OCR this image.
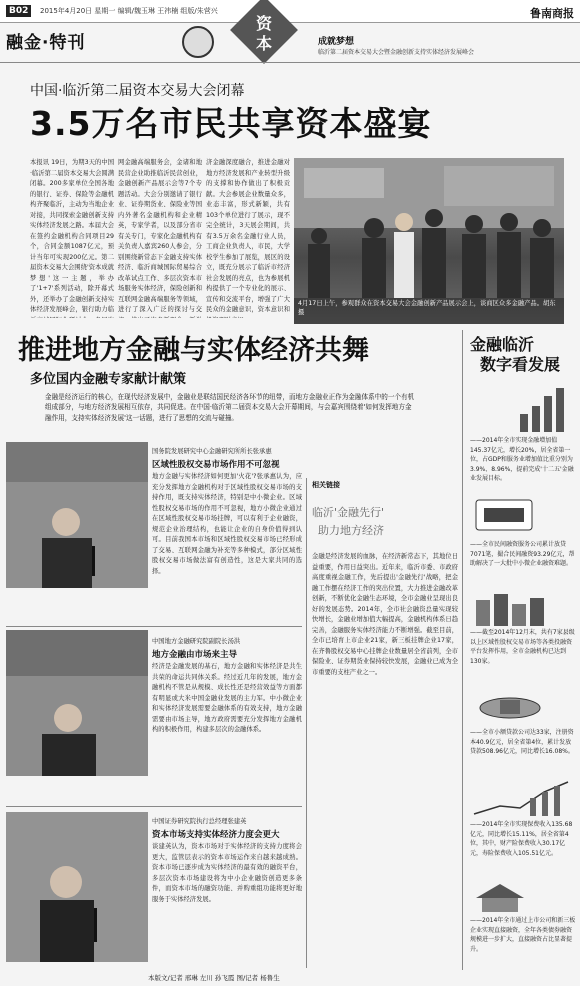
B02	2015年4月20日 星期一 编辑/魏玉琳 王祎楠 组版/朱营兴	鲁南商报
融金·特刊
资
本	成就梦想
临沂第二届资本交易大会暨金融创新支持实体经济发展峰会
中国·临沂第二届资本交易大会闭幕
3.5万名市民共享资本盛宴
本报讯 19日，为期3天的中国·临沂第二届资本交易大会圆满闭幕。200多家单位全国各地的银行、证券、保险等金融机构齐聚临沂，主动为当地企业对接，共同探索金融创新支持实体经济发展之路。本届大会在签约金融机构合同项目29个，合同金额1087亿元，预计当年可实现200亿元。第二届资本交易大会围绕'资本成就梦想'这一主题，举办了'1+7'系列活动，除开幕式外，还举办了金融创新支持实体经济发展峰会，银行助力临
网金融高端服务会，金诸和地民营企业助推临沂民营创业，金融创新产品展示会等7个专题活动。大会分别邀请了银行业、证券期货业、保险业等国内外著名金融机构和企业精英，专家学者，以及部分省市有关专门，专家化金融机构有关负责人嘉宾260人参会，分别围绕新常态下金融支持实体经济、临沂商城国际贸易综合改革试点工作、多层次资本市场服务实体经济，保险创新和互联网金融高端服务等领域，进行了深入广泛的探讨与交
济金融深度融合，推进金融对地方经济发展和产业转型升级的支撑和协作做出了积极贡献。大会参展企业数量众多，业态丰富，形式新颖，共有103个单位进行了展示，现不完全统计，3天展会期间，共有3.5万余名金融行业人员，工商企业负责人，市民，大学校学生参加了展览，展区的设立，既充分展示了临沂市经济社会发展的亮点，也为参展机构提供了一个专业化的展示、宣传和交流平台，增强了广大民众的金融意识，资本意识和
4月17日上午，参观群众在资本交易大会金融创新产品展示会上，谈商区众多金融产品。胡东 摄
推进地方金融与实体经济共舞
多位国内金融专家献计献策
金融是经济运行的核心，在现代经济发展中，金融业是联结国民经济各环节的纽带，而地方金融业正作为金融体系中的一个有机组成部分，与地方经济发展相互依存，共同促进。在中国·临沂第二届资本交易大会开幕期间，与会嘉宾围绕着'如何发挥地方金融作用，支持实体经济发展'这一话题，进行了思想的交流与碰撞。
国务院发展研究中心金融研究所所长张承惠
区域性股权交易市场作用不可忽视
地方金融与实体经济如何更加'火花'?张承惠认为，应充分发挥地方金融机构对于区域性股权交易市场的支持作用，既支持实体经济，特别是中小微企业。区域性股权交易市场的作用不可忽视，地方小微企业通过在区域性股权交易市场挂牌，可以有利于企业融资，规范企业治理结构，也能让企业的自身价值得到认可。目前我国本市场和区域性股权交易市场已经形成了交易、互联网金融为补充等多种模式，部分区域性股权交易市场做法富有创造性，这是大家共同的选择。
中国地方金融研究院副院长汤洪
地方金融由市场来主导
经济是金融发展的基石，地方金融和实体经济是共生共荣的命运共同体关系。经过近几年的发展，地方金融机构不管是从规模、成长性还是经营效益等方面都有明显或大米中国金融业发展的主力军。中小微企业和实体经济发展需要金融体系的有效支持，地方金融需要由市场主导，地方政府需要充分发挥地方金融机构的积极作用，构建多层次的金融体系。
中国证券研究院执行总经理张建英
资本市场支持实体经济力度会更大
谈建英认为，资本市场对于实体经济的支持力度将会更大，监管层表示的资本市场运作来自越来越成熟。资本市场已逐步成为实体经济的最有效的融资平台，多层次资本市场建设将为中小企业融资创造更多条件，而资本市场的融资功能、并购重组功能将更好地服务于实体经济发展。
本版文/记者 邢琳 左川 孙飞霞 图/记者 杨鲁生
相关链接
临沂'金融先行'
助力地方经济
金融是经济发展的血脉，在经济新常态下，其地位日益重要，作用日益突出。近年来，临沂市委、市政府高度重视金融工作，先后提出'金融先行'战略，把金融工作摆在经济工作的突出位置，大力推进金融改革创新，不断优化金融生态环境，全市金融业呈现出良好的发展态势。2014年，全市社会融资总量实现较快增长，金融业增加值大幅提高，金融机构体系日趋完善，金融服务实体经济能力不断增强。截至目前，全市已培育上市企业21家，新三板挂牌企业17家，在齐鲁股权交易中心挂牌企业数量居全省前列，全市保险业、证券期货业保持较快发展，金融业已成为全市重要的支柱产业之一。
金融临沂
数字看发展
——2014年全市实现金融增加值145.37亿元，增长20%，居全省第一位，占GDP和服务业增加值比重分别为3.9%、8.96%，提前完成'十二五'金融业发展目标。
——全市民间融资服务公司累计放贷7071笔，撮合民间融资93.29亿元，帮助解决了一大批中小微企业融资难题。
——截至2014年12月末，共有7家县级以上区域性股权交易市场等各类投融资平台发挥作用，全市金融机构已达到130家。
——全市小额贷款公司达33家，注册资本40.9亿元，居全省第4位，累计发放贷款508.96亿元，同比增长16.08%。
——2014年全市实现保费收入135.68亿元，同比增长15.11%，居全省第4位，其中，财产险保费收入30.17亿元，寿险保费收入105.51亿元。
——2014年全市通过上市公司和新三板企业实现直接融资，全年各类债券融资规模进一步扩大，直接融资占比显著提升。
